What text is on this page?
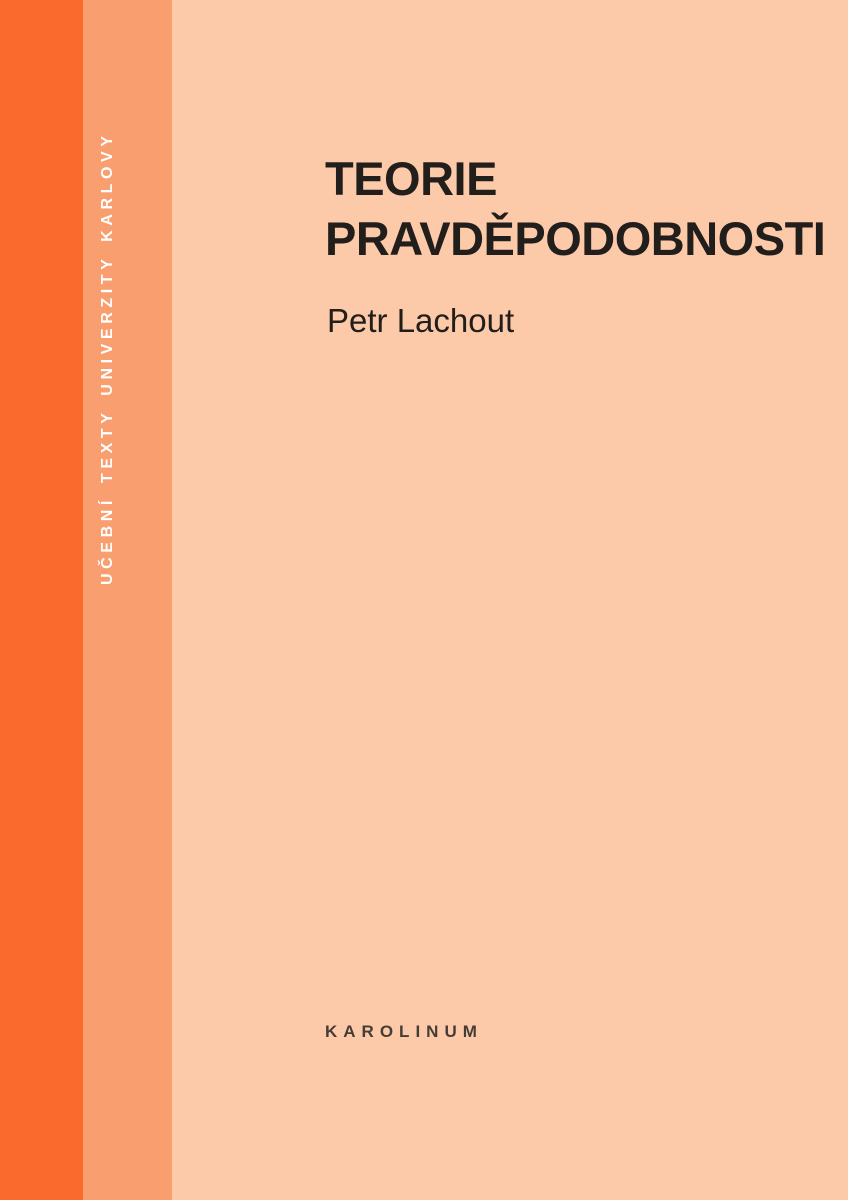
UČEBNÍ TEXTY UNIVERZITY KARLOVY	TEORIE
PRAVDĚPODOBNOSTI
Petr Lachout
KAROLINUM
